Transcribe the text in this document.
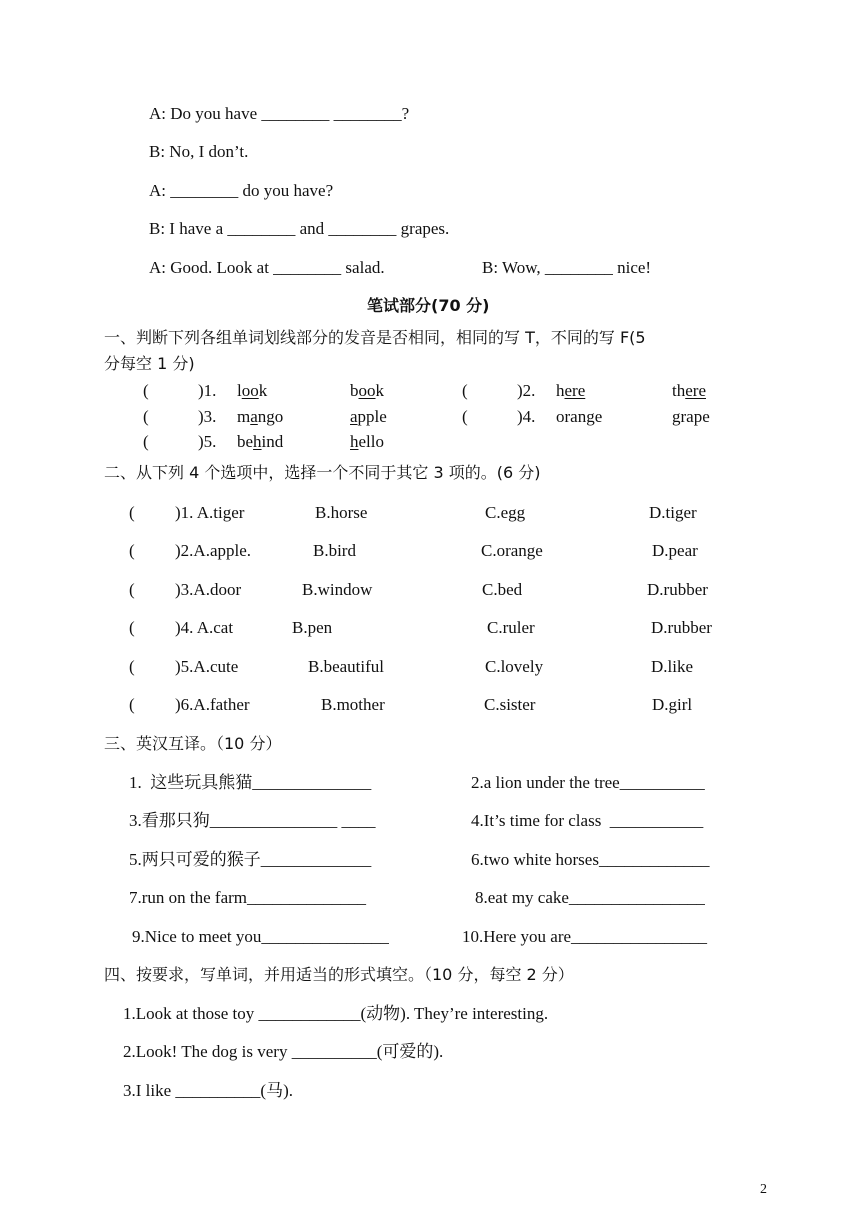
A: Do you have ________ ________?
B: No, I don’t.
A: ________ do you have?
B: I have a ________ and ________ grapes.
A: Good. Look at ________ salad.	B: Wow, ________ nice!
笔试部分(70 分)
一、判断下列各组单词划线部分的发音是否相同，相同的写 T，不同的写 F(5
分每空 1 分)
(	)1. look	book	(	)2. here	there
(	)3. mango	apple	(	)4. orange	grape
(	)5. behind	hello
二、从下列 4 个选项中，选择一个不同于其它 3 项的。(6 分)
( )1. A.tiger	B.horse	C.egg	D.tiger
( )2.A.apple.	B.bird	C.orange	D.pear
( )3.A.door	B.window	C.bed	D.rubber
( )4. A.cat	B.pen	C.ruler	D.rubber
( )5.A.cute	B.beautiful	C.lovely	D.like
( )6.A.father	B.mother	C.sister	D.girl
三、英汉互译。（10 分）
1.  这些玩具熊猫______________	2.a lion under the tree__________
3.看那只狗_______________ ____	4.It’s time for class  ___________
5.两只可爱的猴子_____________	6.two white horses_____________
7.run on the farm______________	8.eat my cake________________
9.Nice to meet you_______________	10.Here you are________________
四、按要求，写单词，并用适当的形式填空。（10 分，每空 2 分）
1.Look at those toy ____________(动物). They’re interesting.
2.Look! The dog is very __________(可爱的).
3.I like __________(马).
2
